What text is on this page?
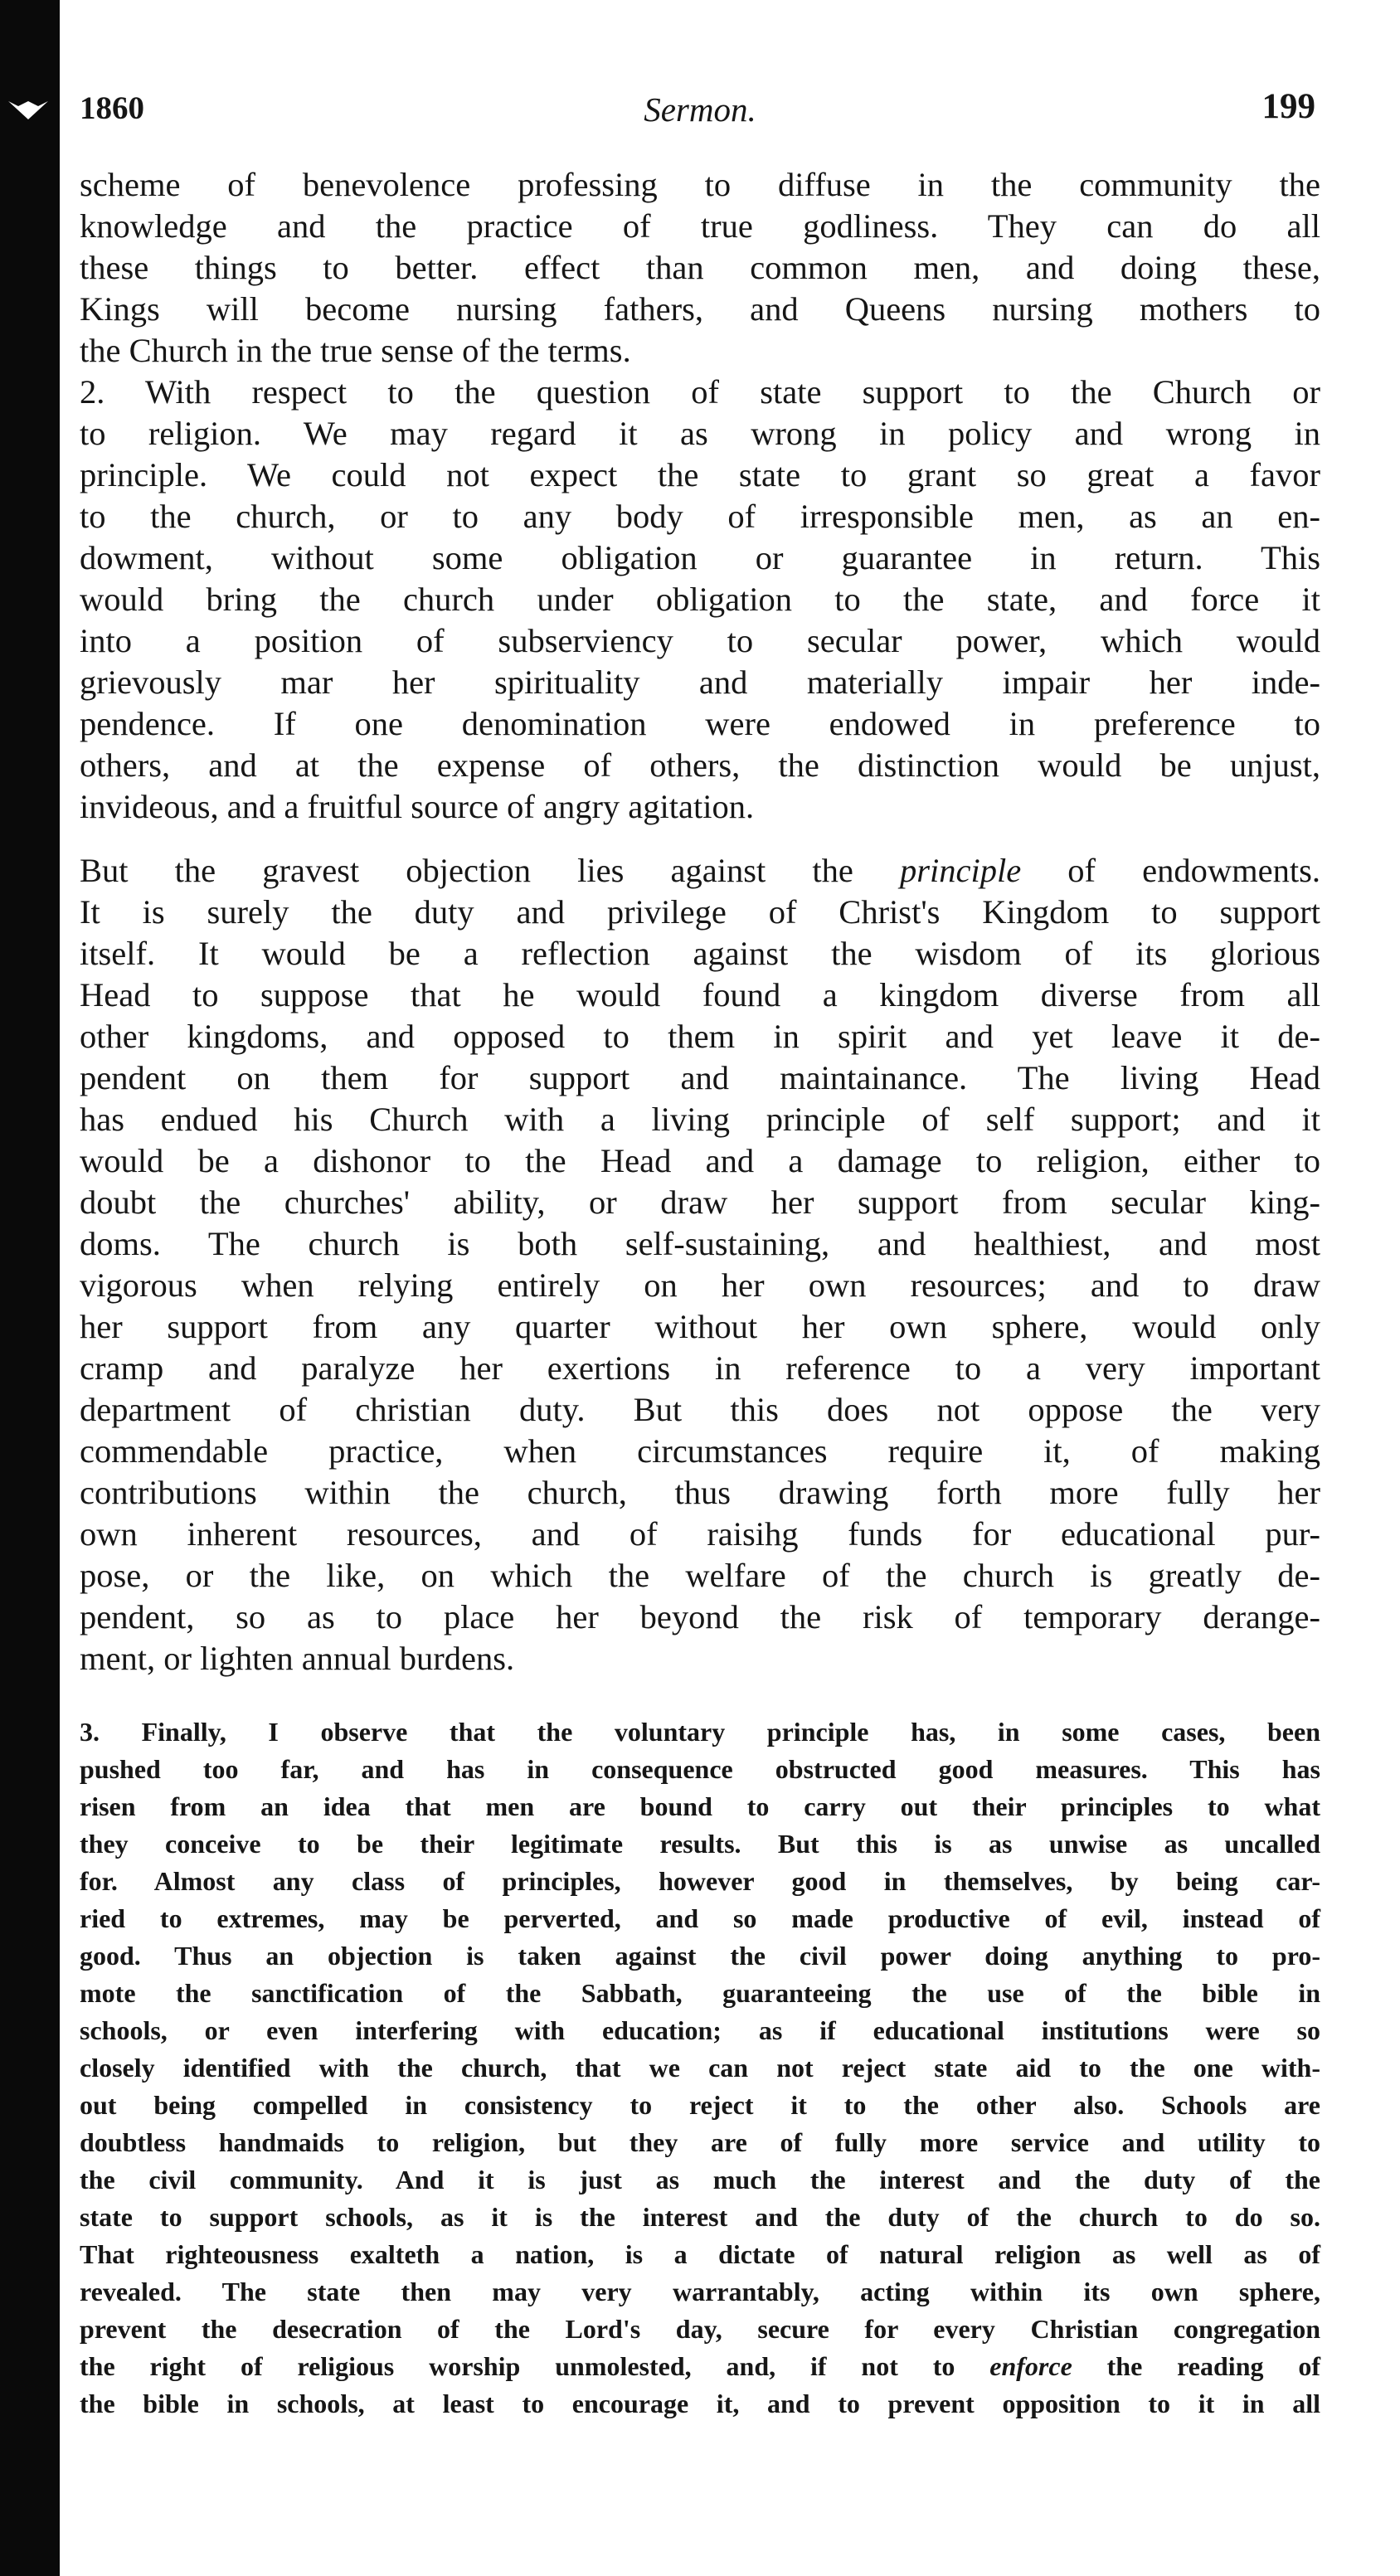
1860	Sermon.	199
scheme of benevolence professing to diffuse in the community the
knowledge and the practice of true godliness. They can do all
these things to better. effect than common men, and doing these,
Kings will become nursing fathers, and Queens nursing mothers to
the Church in the true sense of the terms.
2. With respect to the question of state support to the Church or
to religion. We may regard it as wrong in policy and wrong in
principle. We could not expect the state to grant so great a favor
to the church, or to any body of irresponsible men, as an en-
dowment, without some obligation or guarantee in return. This
would bring the church under obligation to the state, and force it
into a position of subserviency to secular power, which would
grievously mar her spirituality and materially impair her inde-
pendence. If one denomination were endowed in preference to
others, and at the expense of others, the distinction would be unjust,
invideous, and a fruitful source of angry agitation.
But the gravest objection lies against the principle of endowments.
It is surely the duty and privilege of Christ's Kingdom to support
itself. It would be a reflection against the wisdom of its glorious
Head to suppose that he would found a kingdom diverse from all
other kingdoms, and opposed to them in spirit and yet leave it de-
pendent on them for support and maintainance. The living Head
has endued his Church with a living principle of self support; and it
would be a dishonor to the Head and a damage to religion, either to
doubt the churches' ability, or draw her support from secular king-
doms. The church is both self-sustaining, and healthiest, and most
vigorous when relying entirely on her own resources; and to draw
her support from any quarter without her own sphere, would only
cramp and paralyze her exertions in reference to a very important
department of christian duty. But this does not oppose the very
commendable practice, when circumstances require it, of making
contributions within the church, thus drawing forth more fully her
own inherent resources, and of raisihg funds for educational pur-
pose, or the like, on which the welfare of the church is greatly de-
pendent, so as to place her beyond the risk of temporary derange-
ment, or lighten annual burdens.
3. Finally, I observe that the voluntary principle has, in some cases, been
pushed too far, and has in consequence obstructed good measures. This has
risen from an idea that men are bound to carry out their principles to what
they conceive to be their legitimate results. But this is as unwise as uncalled
for. Almost any class of principles, however good in themselves, by being car-
ried to extremes, may be perverted, and so made productive of evil, instead of
good. Thus an objection is taken against the civil power doing anything to pro-
mote the sanctification of the Sabbath, guaranteeing the use of the bible in
schools, or even interfering with education; as if educational institutions were so
closely identified with the church, that we can not reject state aid to the one with-
out being compelled in consistency to reject it to the other also. Schools are
doubtless handmaids to religion, but they are of fully more service and utility to
the civil community. And it is just as much the interest and the duty of the
state to support schools, as it is the interest and the duty of the church to do so.
That righteousness exalteth a nation, is a dictate of natural religion as well as of
revealed. The state then may very warrantably, acting within its own sphere,
prevent the desecration of the Lord's day, secure for every Christian congregation
the right of religious worship unmolested, and, if not to enforce the reading of
the bible in schools, at least to encourage it, and to prevent opposition to it in all
